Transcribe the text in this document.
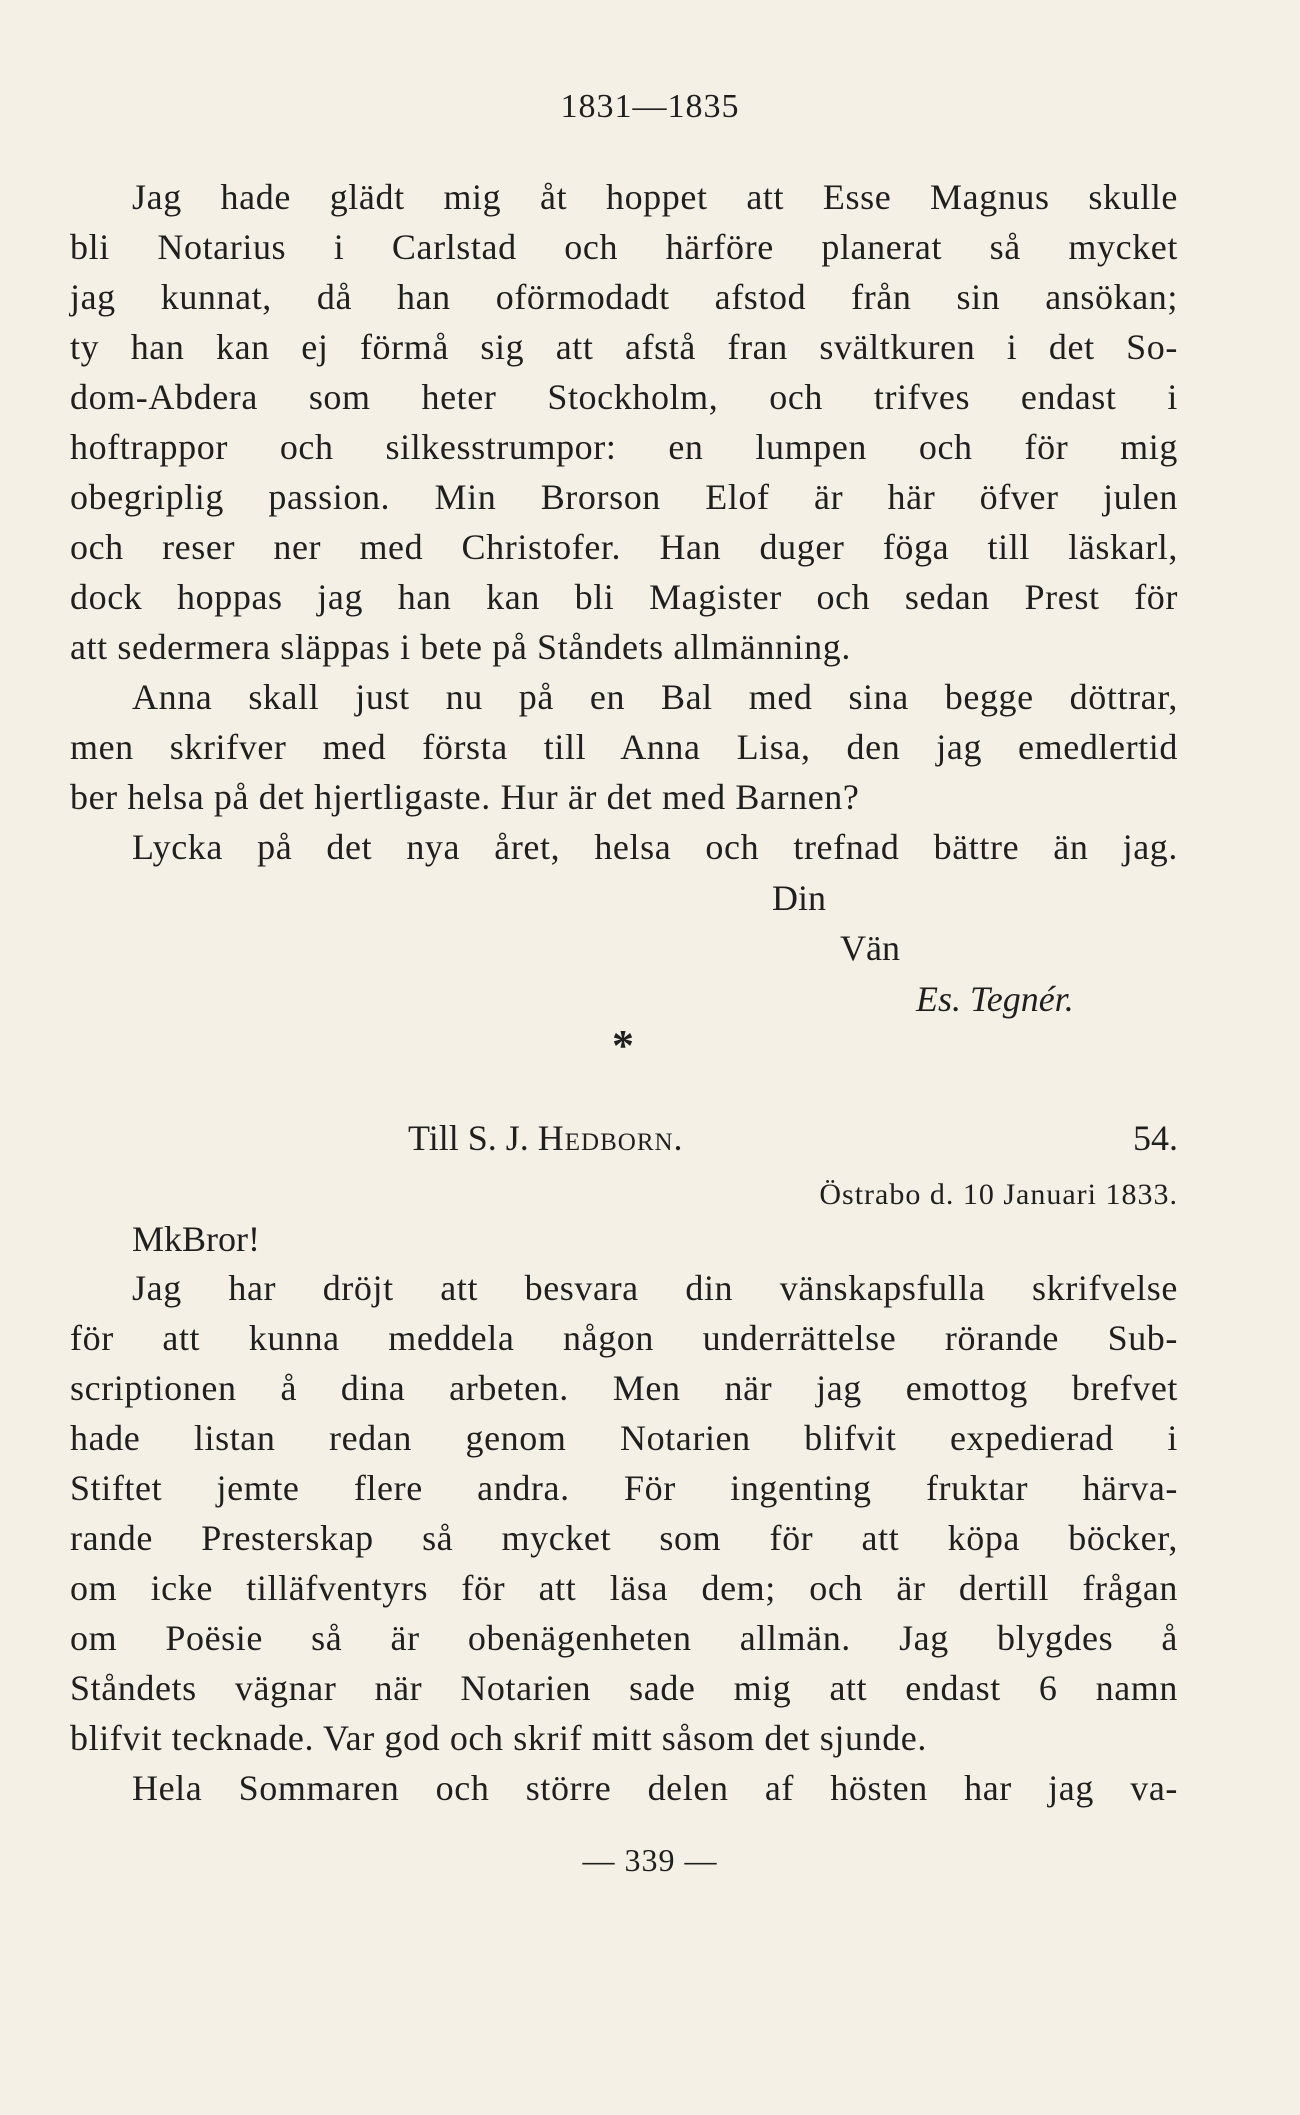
1831—1835
Jag hade glädt mig åt hoppet att Esse Magnus skulle
bli Notarius i Carlstad och härföre planerat så mycket
jag kunnat, då han oförmodadt afstod från sin ansökan;
ty han kan ej förmå sig att afstå fran svältkuren i det So-
dom-Abdera som heter Stockholm, och trifves endast i
hoftrappor och silkesstrumpor: en lumpen och för mig
obegriplig passion. Min Brorson Elof är här öfver julen
och reser ner med Christofer. Han duger föga till läskarl,
dock hoppas jag han kan bli Magister och sedan Prest för
att sedermera släppas i bete på Ståndets allmänning.
Anna skall just nu på en Bal med sina begge döttrar,
men skrifver med första till Anna Lisa, den jag emedlertid
ber helsa på det hjertligaste. Hur är det med Barnen?
Lycka på det nya året, helsa och trefnad bättre än jag.
Din
Vän
Es. Tegnér.
*
Till S. J. Hedborn.	54.
Östrabo d. 10 Januari 1833.
MkBror!
Jag har dröjt att besvara din vänskapsfulla skrifvelse
för att kunna meddela någon underrättelse rörande Sub-
scriptionen å dina arbeten. Men när jag emottog brefvet
hade listan redan genom Notarien blifvit expedierad i
Stiftet jemte flere andra. För ingenting fruktar härva-
rande Presterskap så mycket som för att köpa böcker,
om icke tilläfventyrs för att läsa dem; och är dertill frågan
om Poësie så är obenägenheten allmän. Jag blygdes å
Ståndets vägnar när Notarien sade mig att endast 6 namn
blifvit tecknade. Var god och skrif mitt såsom det sjunde.
Hela Sommaren och större delen af hösten har jag va-
— 339 —
